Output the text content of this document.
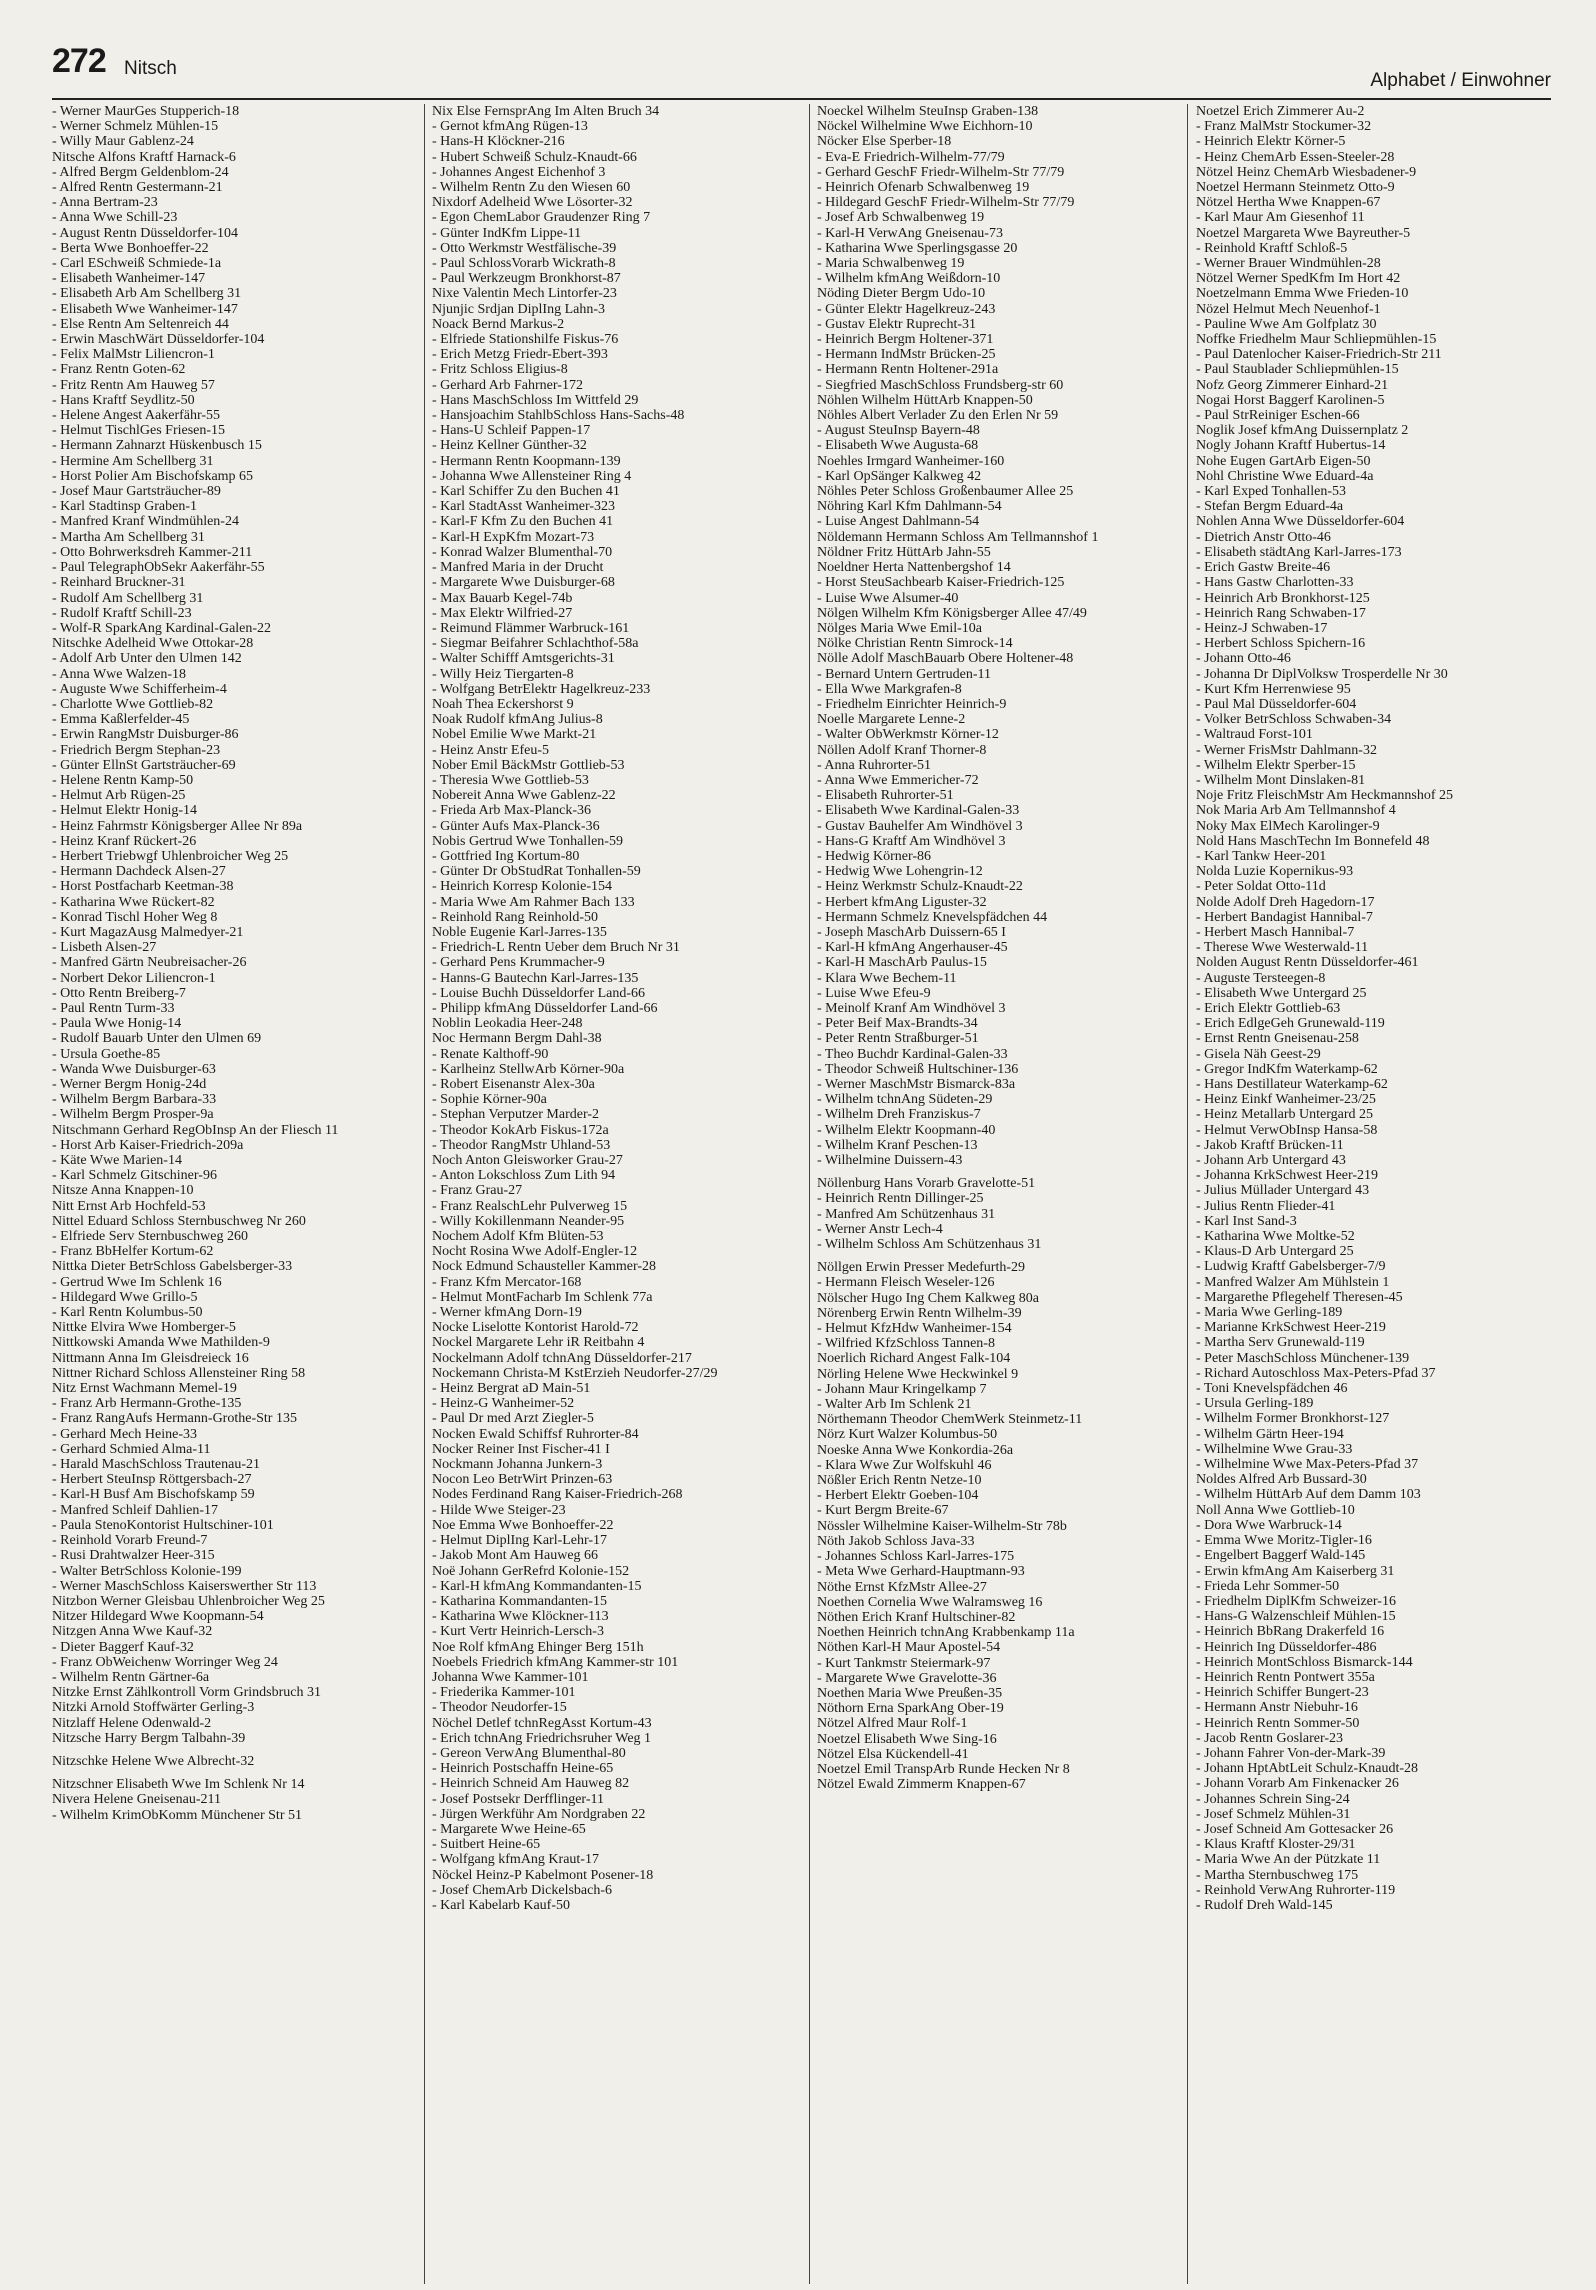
272 Nitsch
Alphabet / Einwohner

- Werner MaurGes Stupperich-18

- Werner Schmelz Mühlen-15

- Willy Maur Gablenz-24

Nitsche Alfons Kraftf Harnack-6

- Alfred Bergm Geldenblom-24

- Alfred Rentn Gestermann-21

- Anna Bertram-23

- Anna Wwe Schill-23

- August Rentn Düsseldorfer-104

- Berta Wwe Bonhoeffer-22

- Carl ESchweiß Schmiede-1a

- Elisabeth Wanheimer-147

- Elisabeth Arb Am Schellberg 31

- Elisabeth Wwe Wanheimer-147

- Else Rentn Am Seltenreich 44

- Erwin MaschWärt Düsseldorfer-104

- Felix MalMstr Liliencron-1

- Franz Rentn Goten-62

- Fritz Rentn Am Hauweg 57

- Hans Kraftf Seydlitz-50

- Helene Angest Aakerfähr-55

- Helmut TischlGes Friesen-15

- Hermann Zahnarzt Hüskenbusch 15

- Hermine Am Schellberg 31

- Horst Polier Am Bischofskamp 65

- Josef Maur Gartsträucher-89

- Karl Stadtinsp Graben-1

- Manfred Kranf Windmühlen-24

- Martha Am Schellberg 31

- Otto Bohrwerksdreh Kammer-211

- Paul TelegraphObSekr Aakerfähr-55

- Reinhard Bruckner-31

- Rudolf Am Schellberg 31

- Rudolf Kraftf Schill-23

- Wolf-R SparkAng Kardinal-Galen-22

Nitschke Adelheid Wwe Ottokar-28

- Adolf Arb Unter den Ulmen 142

- Anna Wwe Walzen-18

- Auguste Wwe Schifferheim-4

- Charlotte Wwe Gottlieb-82

- Emma Kaßlerfelder-45

- Erwin RangMstr Duisburger-86

- Friedrich Bergm Stephan-23

- Günter EllnSt Gartsträucher-69

- Helene Rentn Kamp-50

- Helmut Arb Rügen-25

- Helmut Elektr Honig-14

- Heinz Fahrmstr Königsberger Allee Nr 89a

- Heinz Kranf Rückert-26

- Herbert Triebwgf Uhlenbroicher Weg 25

- Hermann Dachdeck Alsen-27

- Horst Postfacharb Keetman-38

- Katharina Wwe Rückert-82

- Konrad Tischl Hoher Weg 8

- Kurt MagazAusg Malmedyer-21

- Lisbeth Alsen-27

- Manfred Gärtn Neubreisacher-26

- Norbert Dekor Liliencron-1

- Otto Rentn Breiberg-7

- Paul Rentn Turm-33

- Paula Wwe Honig-14

- Rudolf Bauarb Unter den Ulmen 69

- Ursula Goethe-85

- Wanda Wwe Duisburger-63

- Werner Bergm Honig-24d

- Wilhelm Bergm Barbara-33

- Wilhelm Bergm Prosper-9a

Nitschmann Gerhard RegObInsp An der Fliesch 11

- Horst Arb Kaiser-Friedrich-209a

- Käte Wwe Marien-14

- Karl Schmelz Gitschiner-96

Nitsze Anna Knappen-10

Nitt Ernst Arb Hochfeld-53

Nittel Eduard Schloss Sternbuschweg Nr 260

- Elfriede Serv Sternbuschweg 260

- Franz BbHelfer Kortum-62

Nittka Dieter BetrSchloss Gabelsberger-33

- Gertrud Wwe Im Schlenk 16

- Hildegard Wwe Grillo-5

- Karl Rentn Kolumbus-50

Nittke Elvira Wwe Homberger-5

Nittkowski Amanda Wwe Mathilden-9

Nittmann Anna Im Gleisdreieck 16

Nittner Richard Schloss Allensteiner Ring 58

Nitz Ernst Wachmann Memel-19

- Franz Arb Hermann-Grothe-135

- Franz RangAufs Hermann-Grothe-Str 135

- Gerhard Mech Heine-33

- Gerhard Schmied Alma-11

- Harald MaschSchloss Trautenau-21

- Herbert SteuInsp Röttgersbach-27

- Karl-H Busf Am Bischofskamp 59

- Manfred Schleif Dahlien-17

- Paula StenoKontorist Hultschiner-101

- Reinhold Vorarb Freund-7

- Rusi Drahtwalzer Heer-315

- Walter BetrSchloss Kolonie-199

- Werner MaschSchloss Kaiserswerther Str 113

Nitzbon Werner Gleisbau Uhlenbroicher Weg 25

Nitzer Hildegard Wwe Koopmann-54

Nitzgen Anna Wwe Kauf-32

- Dieter Baggerf Kauf-32

- Franz ObWeichenw Worringer Weg 24

- Wilhelm Rentn Gärtner-6a

Nitzke Ernst Zählkontroll Vorm Grindsbruch 31

Nitzki Arnold Stoffwärter Gerling-3

Nitzlaff Helene Odenwald-2

Nitzsche Harry Bergm Talbahn-39

Nitzschke Helene Wwe Albrecht-32

Nitzschner Elisabeth Wwe Im Schlenk Nr 14

Nivera Helene Gneisenau-211

- Wilhelm KrimObKomm Münchener Str 51

Nix Else FernsprAng Im Alten Bruch 34

- Gernot kfmAng Rügen-13

- Hans-H Klöckner-216

- Hubert Schweiß Schulz-Knaudt-66

- Johannes Angest Eichenhof 3

- Wilhelm Rentn Zu den Wiesen 60

Nixdorf Adelheid Wwe Lösorter-32

- Egon ChemLabor Graudenzer Ring 7

- Günter IndKfm Lippe-11

- Otto Werkmstr Westfälische-39

- Paul SchlossVorarb Wickrath-8

- Paul Werkzeugm Bronkhorst-87

Nixe Valentin Mech Lintorfer-23

Njunjic Srdjan DiplIng Lahn-3

Noack Bernd Markus-2

- Elfriede Stationshilfe Fiskus-76

- Erich Metzg Friedr-Ebert-393

- Fritz Schloss Eligius-8

- Gerhard Arb Fahrner-172

- Hans MaschSchloss Im Wittfeld 29

- Hansjoachim StahlbSchloss Hans-Sachs-48

- Hans-U Schleif Pappen-17

- Heinz Kellner Günther-32

- Hermann Rentn Koopmann-139

- Johanna Wwe Allensteiner Ring 4

- Karl Schiffer Zu den Buchen 41

- Karl StadtAsst Wanheimer-323

- Karl-F Kfm Zu den Buchen 41

- Karl-H ExpKfm Mozart-73

- Konrad Walzer Blumenthal-70

- Manfred Maria in der Drucht

- Margarete Wwe Duisburger-68

- Max Bauarb Kegel-74b

- Max Elektr Wilfried-27

- Reimund Flämmer Warbruck-161

- Siegmar Beifahrer Schlachthof-58a

- Walter Schifff Amtsgerichts-31

- Willy Heiz Tiergarten-8

- Wolfgang BetrElektr Hagelkreuz-233

Noah Thea Eckershorst 9

Noak Rudolf kfmAng Julius-8

Nobel Emilie Wwe Markt-21

- Heinz Anstr Efeu-5

Nober Emil BäckMstr Gottlieb-53

- Theresia Wwe Gottlieb-53

Nobereit Anna Wwe Gablenz-22

- Frieda Arb Max-Planck-36

- Günter Aufs Max-Planck-36

Nobis Gertrud Wwe Tonhallen-59

- Gottfried Ing Kortum-80

- Günter Dr ObStudRat Tonhallen-59

- Heinrich Korresp Kolonie-154

- Maria Wwe Am Rahmer Bach 133

- Reinhold Rang Reinhold-50

Noble Eugenie Karl-Jarres-135

- Friedrich-L Rentn Ueber dem Bruch Nr 31

- Gerhard Pens Krummacher-9

- Hanns-G Bautechn Karl-Jarres-135

- Louise Buchh Düsseldorfer Land-66

- Philipp kfmAng Düsseldorfer Land-66

Noblin Leokadia Heer-248

Noc Hermann Bergm Dahl-38

- Renate Kalthoff-90

- Karlheinz StellwArb Körner-90a

- Robert Eisenanstr Alex-30a

- Sophie Körner-90a

- Stephan Verputzer Marder-2

- Theodor KokArb Fiskus-172a

- Theodor RangMstr Uhland-53

Noch Anton Gleisworker Grau-27

- Anton Lokschloss Zum Lith 94

- Franz Grau-27

- Franz RealschLehr Pulverweg 15

- Willy Kokillenmann Neander-95

Nochem Adolf Kfm Blüten-53

Nocht Rosina Wwe Adolf-Engler-12

Nock Edmund Schausteller Kammer-28

- Franz Kfm Mercator-168

- Helmut MontFacharb Im Schlenk 77a

- Werner kfmAng Dorn-19

Nocke Liselotte Kontorist Harold-72

Nockel Margarete Lehr iR Reitbahn 4

Nockelmann Adolf tchnAng Düsseldorfer-217

Nockemann Christa-M KstErzieh Neudorfer-27/29

- Heinz Bergrat aD Main-51

- Heinz-G Wanheimer-52

- Paul Dr med Arzt Ziegler-5

Nocken Ewald Schiffsf Ruhrorter-84

Nocker Reiner Inst Fischer-41 I

Nockmann Johanna Junkern-3

Nocon Leo BetrWirt Prinzen-63

Nodes Ferdinand Rang Kaiser-Friedrich-268

- Hilde Wwe Steiger-23

Noe Emma Wwe Bonhoeffer-22

- Helmut DiplIng Karl-Lehr-17

- Jakob Mont Am Hauweg 66

Noë Johann GerRefrd Kolonie-152

- Karl-H kfmAng Kommandanten-15

- Katharina Kommandanten-15

- Katharina Wwe Klöckner-113

- Kurt Vertr Heinrich-Lersch-3

Noe Rolf kfmAng Ehinger Berg 151h

Noebels Friedrich kfmAng Kammer-str 101

Johanna Wwe Kammer-101

- Friederika Kammer-101

- Theodor Neudorfer-15

Nöchel Detlef tchnRegAsst Kortum-43

- Erich tchnAng Friedrichsruher Weg 1

- Gereon VerwAng Blumenthal-80

- Heinrich Postschaffn Heine-65

- Heinrich Schneid Am Hauweg 82

- Josef Postsekr Derfflinger-11

- Jürgen Werkführ Am Nordgraben 22

- Margarete Wwe Heine-65

- Suitbert Heine-65

- Wolfgang kfmAng Kraut-17

Nöckel Heinz-P Kabelmont Posener-18

- Josef ChemArb Dickelsbach-6

- Karl Kabelarb Kauf-50

Noeckel Wilhelm SteuInsp Graben-138

Nöckel Wilhelmine Wwe Eichhorn-10

Nöcker Else Sperber-18

- Eva-E Friedrich-Wilhelm-77/79

- Gerhard GeschF Friedr-Wilhelm-Str 77/79

- Heinrich Ofenarb Schwalbenweg 19

- Hildegard GeschF Friedr-Wilhelm-Str 77/79

- Josef Arb Schwalbenweg 19

- Karl-H VerwAng Gneisenau-73

- Katharina Wwe Sperlingsgasse 20

- Maria Schwalbenweg 19

- Wilhelm kfmAng Weißdorn-10

Nöding Dieter Bergm Udo-10

- Günter Elektr Hagelkreuz-243

- Gustav Elektr Ruprecht-31

- Heinrich Bergm Holtener-371

- Hermann IndMstr Brücken-25

- Hermann Rentn Holtener-291a

- Siegfried MaschSchloss Frundsberg-str 60

Nöhlen Wilhelm HüttArb Knappen-50

Nöhles Albert Verlader Zu den Erlen Nr 59

- August SteuInsp Bayern-48

- Elisabeth Wwe Augusta-68

Noehles Irmgard Wanheimer-160

- Karl OpSänger Kalkweg 42

Nöhles Peter Schloss Großenbaumer Allee 25

Nöhring Karl Kfm Dahlmann-54

- Luise Angest Dahlmann-54

Nöldemann Hermann Schloss Am Tellmannshof 1

Nöldner Fritz HüttArb Jahn-55

Noeldner Herta Nattenbergshof 14

- Horst SteuSachbearb Kaiser-Friedrich-125

- Luise Wwe Alsumer-40

Nölgen Wilhelm Kfm Königsberger Allee 47/49

Nölges Maria Wwe Emil-10a

Nölke Christian Rentn Simrock-14

Nölle Adolf MaschBauarb Obere Holtener-48

- Bernard Untern Gertruden-11

- Ella Wwe Markgrafen-8

- Friedhelm Einrichter Heinrich-9

Noelle Margarete Lenne-2

- Walter ObWerkmstr Körner-12

Nöllen Adolf Kranf Thorner-8

- Anna Ruhrorter-51

- Anna Wwe Emmericher-72

- Elisabeth Ruhrorter-51

- Elisabeth Wwe Kardinal-Galen-33

- Gustav Bauhelfer Am Windhövel 3

- Hans-G Kraftf Am Windhövel 3

- Hedwig Körner-86

- Hedwig Wwe Lohengrin-12

- Heinz Werkmstr Schulz-Knaudt-22

- Herbert kfmAng Liguster-32

- Hermann Schmelz Knevelspfädchen 44

- Joseph MaschArb Duissern-65 I

- Karl-H kfmAng Angerhauser-45

- Karl-H MaschArb Paulus-15

- Klara Wwe Bechem-11

- Luise Wwe Efeu-9

- Meinolf Kranf Am Windhövel 3

- Peter Beif Max-Brandts-34

- Peter Rentn Straßburger-51

- Theo Buchdr Kardinal-Galen-33

- Theodor Schweiß Hultschiner-136

- Werner MaschMstr Bismarck-83a

- Wilhelm tchnAng Südeten-29

- Wilhelm Dreh Franziskus-7

- Wilhelm Elektr Koopmann-40

- Wilhelm Kranf Peschen-13

- Wilhelmine Duissern-43

Nöllenburg Hans Vorarb Gravelotte-51

- Heinrich Rentn Dillinger-25

- Manfred Am Schützenhaus 31

- Werner Anstr Lech-4

- Wilhelm Schloss Am Schützenhaus 31

Nöllgen Erwin Presser Medefurth-29

- Hermann Fleisch Weseler-126

Nölscher Hugo Ing Chem Kalkweg 80a

Nörenberg Erwin Rentn Wilhelm-39

- Helmut KfzHdw Wanheimer-154

- Wilfried KfzSchloss Tannen-8

Noerlich Richard Angest Falk-104

Nörling Helene Wwe Heckwinkel 9

- Johann Maur Kringelkamp 7

- Walter Arb Im Schlenk 21

Nörthemann Theodor ChemWerk Steinmetz-11

Nörz Kurt Walzer Kolumbus-50

Noeske Anna Wwe Konkordia-26a

- Klara Wwe Zur Wolfskuhl 46

Nößler Erich Rentn Netze-10

- Herbert Elektr Goeben-104

- Kurt Bergm Breite-67

Nössler Wilhelmine Kaiser-Wilhelm-Str 78b

Nöth Jakob Schloss Java-33

- Johannes Schloss Karl-Jarres-175

- Meta Wwe Gerhard-Hauptmann-93

Nöthe Ernst KfzMstr Allee-27

Noethen Cornelia Wwe Walramsweg 16

Nöthen Erich Kranf Hultschiner-82

Noethen Heinrich tchnAng Krabbenkamp 11a

Nöthen Karl-H Maur Apostel-54

- Kurt Tankmstr Steiermark-97

- Margarete Wwe Gravelotte-36

Noethen Maria Wwe Preußen-35

Nöthorn Erna SparkAng Ober-19

Nötzel Alfred Maur Rolf-1

Noetzel Elisabeth Wwe Sing-16

Nötzel Elsa Kückendell-41

Noetzel Emil TranspArb Runde Hecken Nr 8

Nötzel Ewald Zimmerm Knappen-67

Noetzel Erich Zimmerer Au-2

- Franz MalMstr Stockumer-32

- Heinrich Elektr Körner-5

- Heinz ChemArb Essen-Steeler-28

Nötzel Heinz ChemArb Wiesbadener-9

Noetzel Hermann Steinmetz Otto-9

Nötzel Hertha Wwe Knappen-67

- Karl Maur Am Giesenhof 11

Noetzel Margareta Wwe Bayreuther-5

- Reinhold Kraftf Schloß-5

- Werner Brauer Windmühlen-28

Nötzel Werner SpedKfm Im Hort 42

Noetzelmann Emma Wwe Frieden-10

Nözel Helmut Mech Neuenhof-1

- Pauline Wwe Am Golfplatz 30

Noffke Friedhelm Maur Schliepmühlen-15

- Paul Datenlocher Kaiser-Friedrich-Str 211

- Paul Staublader Schliepmühlen-15

Nofz Georg Zimmerer Einhard-21

Nogai Horst Baggerf Karolinen-5

- Paul StrReiniger Eschen-66

Noglik Josef kfmAng Duissernplatz 2

Nogly Johann Kraftf Hubertus-14

Nohe Eugen GartArb Eigen-50

Nohl Christine Wwe Eduard-4a

- Karl Exped Tonhallen-53

- Stefan Bergm Eduard-4a

Nohlen Anna Wwe Düsseldorfer-604

- Dietrich Anstr Otto-46

- Elisabeth städtAng Karl-Jarres-173

- Erich Gastw Breite-46

- Hans Gastw Charlotten-33

- Heinrich Arb Bronkhorst-125

- Heinrich Rang Schwaben-17

- Heinz-J Schwaben-17

- Herbert Schloss Spichern-16

- Johann Otto-46

- Johanna Dr DiplVolksw Trosperdelle Nr 30

- Kurt Kfm Herrenwiese 95

- Paul Mal Düsseldorfer-604

- Volker BetrSchloss Schwaben-34

- Waltraud Forst-101

- Werner FrisMstr Dahlmann-32

- Wilhelm Elektr Sperber-15

- Wilhelm Mont Dinslaken-81

Noje Fritz FleischMstr Am Heckmannshof 25

Nok Maria Arb Am Tellmannshof 4

Noky Max ElMech Karolinger-9

Nold Hans MaschTechn Im Bonnefeld 48

- Karl Tankw Heer-201

Nolda Luzie Kopernikus-93

- Peter Soldat Otto-11d

Nolde Adolf Dreh Hagedorn-17

- Herbert Bandagist Hannibal-7

- Herbert Masch Hannibal-7

- Therese Wwe Westerwald-11

Nolden August Rentn Düsseldorfer-461

- Auguste Tersteegen-8

- Elisabeth Wwe Untergard 25

- Erich Elektr Gottlieb-63

- Erich EdlgeGeh Grunewald-119

- Ernst Rentn Gneisenau-258

- Gisela Näh Geest-29

- Gregor IndKfm Waterkamp-62

- Hans Destillateur Waterkamp-62

- Heinz Einkf Wanheimer-23/25

- Heinz Metallarb Untergard 25

- Helmut VerwObInsp Hansa-58

- Jakob Kraftf Brücken-11

- Johann Arb Untergard 43

- Johanna KrkSchwest Heer-219

- Julius Müllader Untergard 43

- Julius Rentn Flieder-41

- Karl Inst Sand-3

- Katharina Wwe Moltke-52

- Klaus-D Arb Untergard 25

- Ludwig Kraftf Gabelsberger-7/9

- Manfred Walzer Am Mühlstein 1

- Margarethe Pflegehelf Theresen-45

- Maria Wwe Gerling-189

- Marianne KrkSchwest Heer-219

- Martha Serv Grunewald-119

- Peter MaschSchloss Münchener-139

- Richard Autoschloss Max-Peters-Pfad 37

- Toni Knevelspfädchen 46

- Ursula Gerling-189

- Wilhelm Former Bronkhorst-127

- Wilhelm Gärtn Heer-194

- Wilhelmine Wwe Grau-33

- Wilhelmine Wwe Max-Peters-Pfad 37

Noldes Alfred Arb Bussard-30

- Wilhelm HüttArb Auf dem Damm 103

Noll Anna Wwe Gottlieb-10

- Dora Wwe Warbruck-14

- Emma Wwe Moritz-Tigler-16

- Engelbert Baggerf Wald-145

- Erwin kfmAng Am Kaiserberg 31

- Frieda Lehr Sommer-50

- Friedhelm DiplKfm Schweizer-16

- Hans-G Walzenschleif Mühlen-15

- Heinrich BbRang Drakerfeld 16

- Heinrich Ing Düsseldorfer-486

- Heinrich MontSchloss Bismarck-144

- Heinrich Rentn Pontwert 355a

- Heinrich Schiffer Bungert-23

- Hermann Anstr Niebuhr-16

- Heinrich Rentn Sommer-50

- Jacob Rentn Goslarer-23

- Johann Fahrer Von-der-Mark-39

- Johann HptAbtLeit Schulz-Knaudt-28

- Johann Vorarb Am Finkenacker 26

- Johannes Schrein Sing-24

- Josef Schmelz Mühlen-31

- Josef Schneid Am Gottesacker 26

- Klaus Kraftf Kloster-29/31

- Maria Wwe An der Pützkate 11

- Martha Sternbuschweg 175

- Reinhold VerwAng Ruhrorter-119

- Rudolf Dreh Wald-145
